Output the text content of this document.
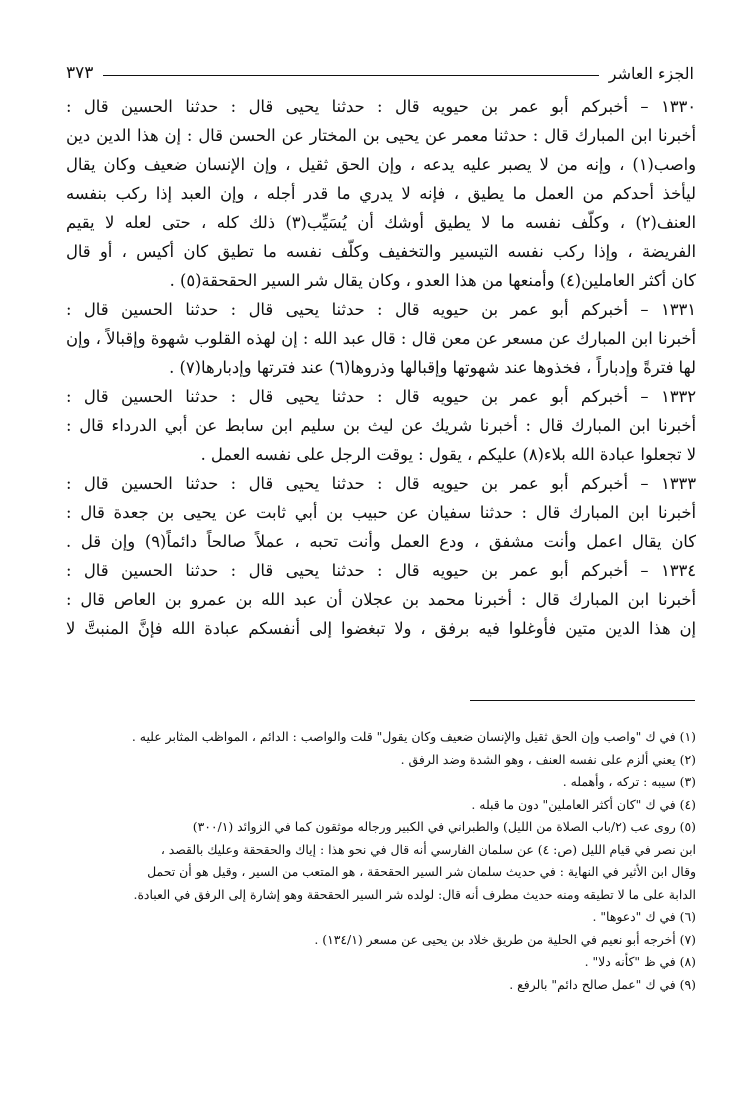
الجزء العاشر
٣٧٣
١٣٣٠ – أخبركم أبو عمر بن حيويه قال : حدثنا يحيى قال : حدثنا الحسين قال :
أخبرنا ابن المبارك قال : حدثنا معمر عن يحيى بن المختار عن الحسن قال : إن هذا الدين دين
واصب(١) ، وإنه من لا يصبر عليه يدعه ، وإن الحق ثقيل ، وإن الإنسان ضعيف وكان يقال
ليأخذ أحدكم من العمل ما يطيق ، فإنه لا يدري ما قدر أجله ، وإن العبد إذا ركب بنفسه
العنف(٢) ، وكلّف نفسه ما لا يطيق أوشك أن يُسَيِّب(٣) ذلك كله ، حتى لعله لا يقيم
الفريضة ، وإذا ركب نفسه التيسير والتخفيف وكلّف نفسه ما تطيق كان أكيس ، أو قال
كان أكثر العاملين(٤) وأمنعها من هذا العدو ، وكان يقال شر السير الحقحقة(٥) .
١٣٣١ – أخبركم أبو عمر بن حيويه قال : حدثنا يحيى قال : حدثنا الحسين قال :
أخبرنا ابن المبارك عن مسعر عن معن قال : قال عبد الله : إن لهذه القلوب شهوة وإقبالاً ، وإن
لها فترةً وإدباراً ، فخذوها عند شهوتها وإقبالها وذروها(٦) عند فترتها وإدبارها(٧) .
١٣٣٢ – أخبركم أبو عمر بن حيويه قال : حدثنا يحيى قال : حدثنا الحسين قال :
أخبرنا ابن المبارك قال : أخبرنا شريك عن ليث بن سليم ابن سابط عن أبي الدرداء قال :
لا تجعلوا عبادة الله بلاء(٨) عليكم ، يقول : يوقت الرجل على نفسه العمل .
١٣٣٣ – أخبركم أبو عمر بن حيويه قال : حدثنا يحيى قال : حدثنا الحسين قال :
أخبرنا ابن المبارك قال : حدثنا سفيان عن حبيب بن أبي ثابت عن يحيى بن جعدة قال :
كان يقال اعمل وأنت مشفق ، ودع العمل وأنت تحبه ، عملاً صالحاً دائماً(٩) وإن قل .
١٣٣٤ – أخبركم أبو عمر بن حيويه قال : حدثنا يحيى قال : حدثنا الحسين قال :
أخبرنا ابن المبارك قال : أخبرنا محمد بن عجلان أن عبد الله بن عمرو بن العاص قال :
إن هذا الدين متين فأوغلوا فيه برفق ، ولا تبغضوا إلى أنفسكم عبادة الله فإنَّ المنبتَّ لا
(١) في ك "واصب وإن الحق ثقيل والإنسان ضعيف وكان يقول" قلت والواصب : الدائم ، المواظب المثابر عليه .
(٢) يعني ألزم على نفسه العنف ، وهو الشدة وضد الرفق .
(٣) سيبه : تركه ، وأهمله .
(٤) في ك "كان أكثر العاملين" دون ما قبله .
(٥) روى عب (٢/باب الصلاة من الليل) والطبراني في الكبير ورجاله موثقون كما في الزوائد (٣٠٠/١)
ابن نصر في قيام الليل (ص: ٤) عن سلمان الفارسي أنه قال في نحو هذا : إياك والحقحقة وعليك بالقصد ،
وقال ابن الأثير في النهاية : في حديث سلمان شر السير الحقحقة ، هو المتعب من السير ، وقيل هو أن تحمل
الدابة على ما لا تطيقه ومنه حديث مطرف أنه قال: لولده شر السير الحقحقة وهو إشارة إلى الرفق في العبادة.
(٦) في ك "دعوها" .
(٧) أخرجه أبو نعيم في الحلية من طريق خلاد بن يحيى عن مسعر (١٣٤/١) .
(٨) في ظ "كأنه دلا" .
(٩) في ك "عمل صالح دائم" بالرفع .
